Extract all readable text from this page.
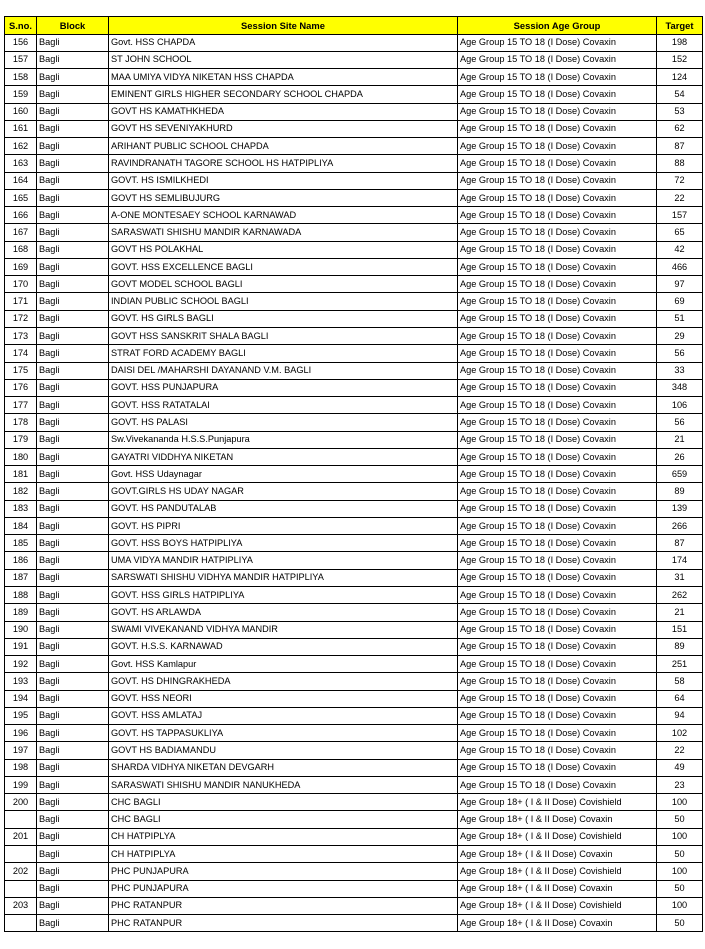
S.no.	Block	Session Site Name	Session Age Group	Target
156	Bagli	Govt. HSS CHAPDA	Age Group 15 TO 18 (I Dose) Covaxin	198
157	Bagli	ST JOHN SCHOOL	Age Group 15 TO 18 (I Dose) Covaxin	152
158	Bagli	MAA UMIYA VIDYA NIKETAN HSS CHAPDA	Age Group 15 TO 18 (I Dose) Covaxin	124
159	Bagli	EMINENT GIRLS HIGHER SECONDARY SCHOOL CHAPDA	Age Group 15 TO 18 (I Dose) Covaxin	54
160	Bagli	GOVT HS KAMATHKHEDA	Age Group 15 TO 18 (I Dose) Covaxin	53
161	Bagli	GOVT HS SEVENIYAKHURD	Age Group 15 TO 18 (I Dose) Covaxin	62
162	Bagli	ARIHANT PUBLIC SCHOOL CHAPDA	Age Group 15 TO 18 (I Dose) Covaxin	87
163	Bagli	RAVINDRANATH TAGORE SCHOOL HS HATPIPLIYA	Age Group 15 TO 18 (I Dose) Covaxin	88
164	Bagli	GOVT. HS ISMILKHEDI	Age Group 15 TO 18 (I Dose) Covaxin	72
165	Bagli	GOVT HS SEMLIBUJURG	Age Group 15 TO 18 (I Dose) Covaxin	22
166	Bagli	A-ONE MONTESAEY SCHOOL KARNAWAD	Age Group 15 TO 18 (I Dose) Covaxin	157
167	Bagli	SARASWATI SHISHU MANDIR KARNAWADA	Age Group 15 TO 18 (I Dose) Covaxin	65
168	Bagli	GOVT HS POLAKHAL	Age Group 15 TO 18 (I Dose) Covaxin	42
169	Bagli	GOVT. HSS EXCELLENCE BAGLI	Age Group 15 TO 18 (I Dose) Covaxin	466
170	Bagli	GOVT MODEL SCHOOL BAGLI	Age Group 15 TO 18 (I Dose) Covaxin	97
171	Bagli	INDIAN PUBLIC SCHOOL BAGLI	Age Group 15 TO 18 (I Dose) Covaxin	69
172	Bagli	GOVT. HS GIRLS BAGLI	Age Group 15 TO 18 (I Dose) Covaxin	51
173	Bagli	GOVT HSS SANSKRIT SHALA BAGLI	Age Group 15 TO 18 (I Dose) Covaxin	29
174	Bagli	STRAT FORD ACADEMY BAGLI	Age Group 15 TO 18 (I Dose) Covaxin	56
175	Bagli	DAISI DEL /MAHARSHI DAYANAND V.M. BAGLI	Age Group 15 TO 18 (I Dose) Covaxin	33
176	Bagli	GOVT. HSS PUNJAPURA	Age Group 15 TO 18 (I Dose) Covaxin	348
177	Bagli	GOVT. HSS RATATALAI	Age Group 15 TO 18 (I Dose) Covaxin	106
178	Bagli	GOVT. HS PALASI	Age Group 15 TO 18 (I Dose) Covaxin	56
179	Bagli	Sw.Vivekananda H.S.S.Punjapura	Age Group 15 TO 18 (I Dose) Covaxin	21
180	Bagli	GAYATRI VIDDHYA NIKETAN	Age Group 15 TO 18 (I Dose) Covaxin	26
181	Bagli	Govt. HSS Udaynagar	Age Group 15 TO 18 (I Dose) Covaxin	659
182	Bagli	GOVT.GIRLS HS UDAY NAGAR	Age Group 15 TO 18 (I Dose) Covaxin	89
183	Bagli	GOVT. HS PANDUTALAB	Age Group 15 TO 18 (I Dose) Covaxin	139
184	Bagli	GOVT. HS PIPRI	Age Group 15 TO 18 (I Dose) Covaxin	266
185	Bagli	GOVT. HSS BOYS HATPIPLIYA	Age Group 15 TO 18 (I Dose) Covaxin	87
186	Bagli	UMA VIDYA MANDIR HATPIPLIYA	Age Group 15 TO 18 (I Dose) Covaxin	174
187	Bagli	SARSWATI SHISHU VIDHYA MANDIR HATPIPLIYA	Age Group 15 TO 18 (I Dose) Covaxin	31
188	Bagli	GOVT. HSS GIRLS HATPIPLIYA	Age Group 15 TO 18 (I Dose) Covaxin	262
189	Bagli	GOVT. HS ARLAWDA	Age Group 15 TO 18 (I Dose) Covaxin	21
190	Bagli	SWAMI VIVEKANAND VIDHYA MANDIR	Age Group 15 TO 18 (I Dose) Covaxin	151
191	Bagli	GOVT. H.S.S. KARNAWAD	Age Group 15 TO 18 (I Dose) Covaxin	89
192	Bagli	Govt. HSS Kamlapur	Age Group 15 TO 18 (I Dose) Covaxin	251
193	Bagli	GOVT. HS DHINGRAKHEDA	Age Group 15 TO 18 (I Dose) Covaxin	58
194	Bagli	GOVT. HSS NEORI	Age Group 15 TO 18 (I Dose) Covaxin	64
195	Bagli	GOVT. HSS AMLATAJ	Age Group 15 TO 18 (I Dose) Covaxin	94
196	Bagli	GOVT. HS TAPPASUKLIYA	Age Group 15 TO 18 (I Dose) Covaxin	102
197	Bagli	GOVT HS BADIAMANDU	Age Group 15 TO 18 (I Dose) Covaxin	22
198	Bagli	SHARDA VIDHYA NIKETAN DEVGARH	Age Group 15 TO 18 (I Dose) Covaxin	49
199	Bagli	SARASWATI SHISHU MANDIR NANUKHEDA	Age Group 15 TO 18 (I Dose) Covaxin	23
200	Bagli	CHC BAGLI	Age Group 18+ ( I & II Dose) Covishield	100
	Bagli	CHC BAGLI	Age Group 18+ ( I & II Dose) Covaxin	50
201	Bagli	CH HATPIPLYA	Age Group 18+ ( I & II Dose) Covishield	100
	Bagli	CH HATPIPLYA	Age Group 18+ ( I & II Dose) Covaxin	50
202	Bagli	PHC PUNJAPURA	Age Group 18+ ( I & II Dose) Covishield	100
	Bagli	PHC PUNJAPURA	Age Group 18+ ( I & II Dose) Covaxin	50
203	Bagli	PHC RATANPUR	Age Group 18+ ( I & II Dose) Covishield	100
	Bagli	PHC RATANPUR	Age Group 18+ ( I & II Dose) Covaxin	50
